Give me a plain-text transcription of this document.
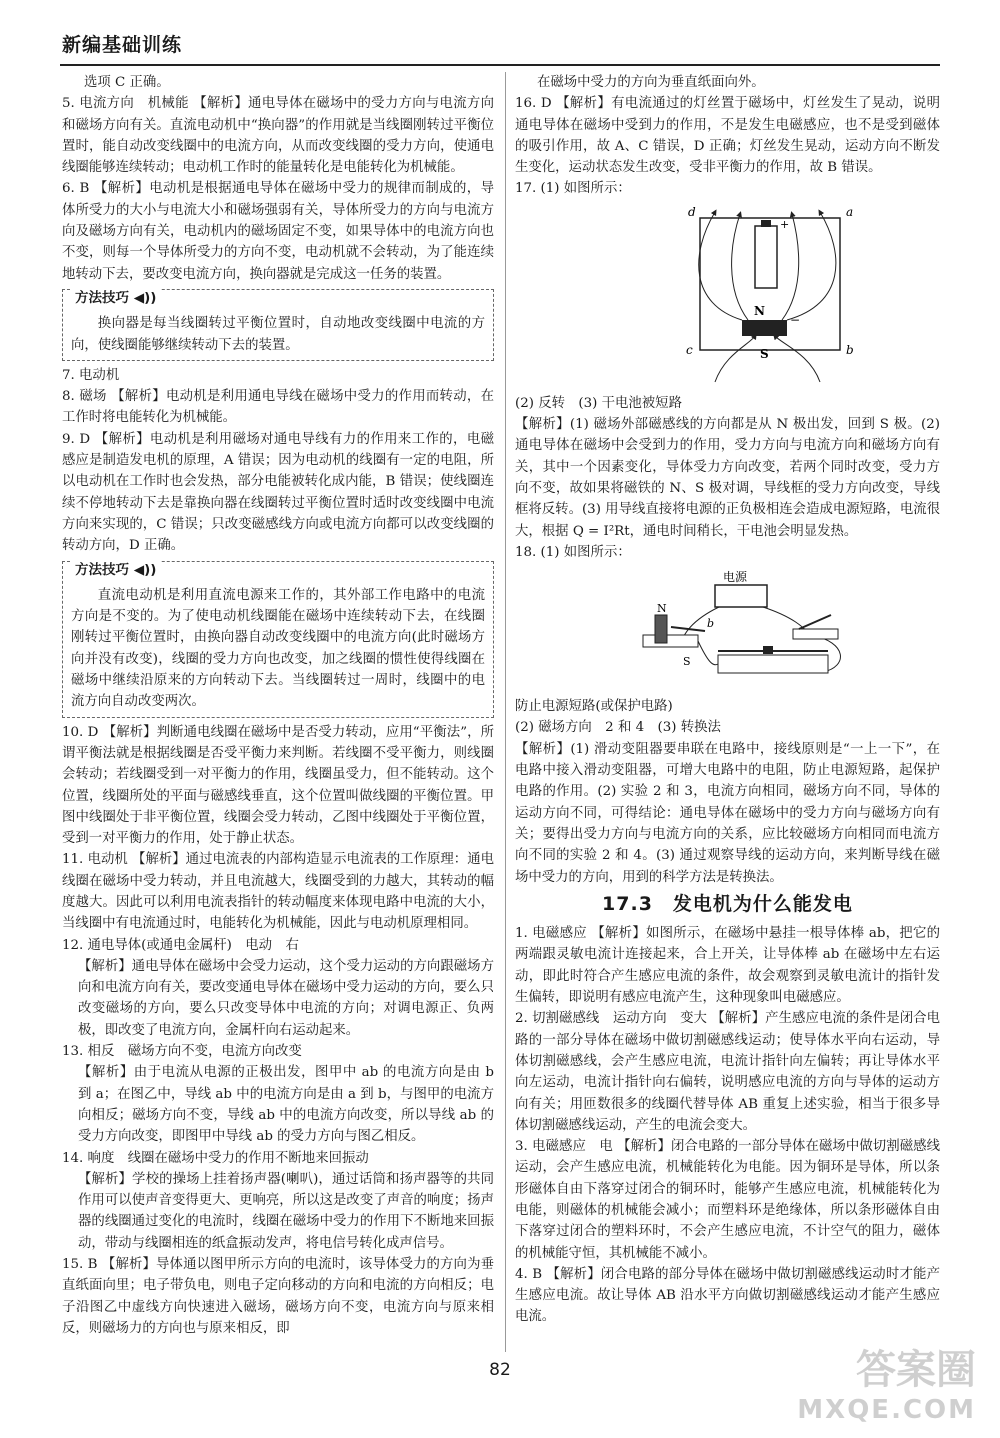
新编基础训练

选项 C 正确。

5. 电流方向　机械能 【解析】通电导体在磁场中的受力方向与电流方向和磁场方向有关。直流电动机中“换向器”的作用就是当线圈刚转过平衡位置时，能自动改变线圈中的电流方向，从而改变线圈的受力方向，使通电线圈能够连续转动；电动机工作时的能量转化是电能转化为机械能。

6. B 【解析】电动机是根据通电导体在磁场中受力的规律而制成的，导体所受力的大小与电流大小和磁场强弱有关，导体所受力的方向与电流方向及磁场方向有关，电动机内的磁场固定不变，如果导体中的电流方向也不变，则每一个导体所受力的方向不变，电动机就不会转动，为了能连续地转动下去，要改变电流方向，换向器就是完成这一任务的装置。

方法技巧 ◀))

换向器是每当线圈转过平衡位置时，自动地改变线圈中电流的方向，使线圈能够继续转动下去的装置。

7. 电动机

8. 磁场 【解析】电动机是利用通电导线在磁场中受力的作用而转动，在工作时将电能转化为机械能。

9. D 【解析】电动机是利用磁场对通电导线有力的作用来工作的，电磁感应是制造发电机的原理，A 错误；因为电动机的线圈有一定的电阻，所以电动机在工作时也会发热，部分电能被转化成内能，B 错误；使线圈连续不停地转动下去是靠换向器在线圈转过平衡位置时适时改变线圈中电流方向来实现的，C 错误；只改变磁感线方向或电流方向都可以改变线圈的转动方向，D 正确。

方法技巧 ◀))

直流电动机是利用直流电源来工作的，其外部工作电路中的电流方向是不变的。为了使电动机线圈能在磁场中连续转动下去，在线圈刚转过平衡位置时，由换向器自动改变线圈中的电流方向(此时磁场方向并没有改变)，线圈的受力方向也改变，加之线圈的惯性使得线圈在磁场中继续沿原来的方向转动下去。当线圈转过一周时，线圈中的电流方向自动改变两次。

10. D 【解析】判断通电线圈在磁场中是否受力转动，应用“平衡法”，所谓平衡法就是根据线圈是否受平衡力来判断。若线圈不受平衡力，则线圈会转动；若线圈受到一对平衡力的作用，线圈虽受力，但不能转动。这个位置，线圈所处的平面与磁感线垂直，这个位置叫做线圈的平衡位置。甲图中线圈处于非平衡位置，线圈会受力转动，乙图中线圈处于平衡位置，受到一对平衡力的作用，处于静止状态。

11. 电动机 【解析】通过电流表的内部构造显示电流表的工作原理：通电线圈在磁场中受力转动，并且电流越大，线圈受到的力越大，其转动的幅度越大。因此可以利用电流表指针的转动幅度来体现电路中电流的大小，当线圈中有电流通过时，电能转化为机械能，因此与电动机原理相同。

12. 通电导体(或通电金属杆)　电动　右

【解析】通电导体在磁场中会受力运动，这个受力运动的方向跟磁场方向和电流方向有关，要改变通电导体在磁场中受力运动的方向，要么只改变磁场的方向，要么只改变导体中电流的方向；对调电源正、负两极，即改变了电流方向，金属杆向右运动起来。

13. 相反　磁场方向不变，电流方向改变

【解析】由于电流从电源的正极出发，图甲中 ab 的电流方向是由 b 到 a；在图乙中，导线 ab 中的电流方向是由 a 到 b，与图甲的电流方向相反；磁场方向不变，导线 ab 中的电流方向改变，所以导线 ab 的受力方向改变，即图甲中导线 ab 的受力方向与图乙相反。

14. 响度　线圈在磁场中受力的作用不断地来回振动

【解析】学校的操场上挂着扬声器(喇叭)，通过话筒和扬声器等的共同作用可以使声音变得更大、更响亮，所以这是改变了声音的响度；扬声器的线圈通过变化的电流时，线圈在磁场中受力的作用下不断地来回振动，带动与线圈相连的纸盒振动发声，将电信号转化成声信号。

15. B 【解析】导体通以图甲所示方向的电流时，该导体受力的方向为垂直纸面向里；电子带负电，则电子定向移动的方向和电流的方向相反；电子沿图乙中虚线方向快速进入磁场，磁场方向不变，电流方向与原来相反，则磁场力的方向也与原来相反，即

在磁场中受力的方向为垂直纸面向外。

16. D 【解析】有电流通过的灯丝置于磁场中，灯丝发生了晃动，说明通电导体在磁场中受到力的作用，不是发生电磁感应，也不是受到磁体的吸引作用，故 A、C 错误，D 正确；灯丝发生晃动，运动方向不断发生变化，运动状态发生改变，受非平衡力的作用，故 B 错误。

17. (1) 如图所示：

+
N
S
−
d	a
c	b

(2) 反转　(3) 干电池被短路

【解析】(1) 磁场外部磁感线的方向都是从 N 极出发，回到 S 极。(2) 通电导体在磁场中会受到力的作用，受力方向与电流方向和磁场方向有关，其中一个因素变化，导体受力方向改变，若两个同时改变，受力方向不变，故如果将磁铁的 N、S 极对调，导线框的受力方向改变，导线框将反转。(3) 用导线直接将电源的正负极相连会造成电源短路，电流很大，根据 Q = I²Rt，通电时间稍长，干电池会明显发热。

18. (1) 如图所示：

电源
N
S
b

防止电源短路(或保护电路)

(2) 磁场方向　2 和 4　(3) 转换法

【解析】(1) 滑动变阻器要串联在电路中，接线原则是“一上一下”，在电路中接入滑动变阻器，可增大电路中的电阻，防止电源短路，起保护电路的作用。(2) 实验 2 和 3，电流方向相同，磁场方向不同，导体的运动方向不同，可得结论：通电导体在磁场中的受力方向与磁场方向有关；要得出受力方向与电流方向的关系，应比较磁场方向相同而电流方向不同的实验 2 和 4。(3) 通过观察导线的运动方向，来判断导线在磁场中受力的方向，用到的科学方法是转换法。

17.3　发电机为什么能发电

1. 电磁感应 【解析】如图所示，在磁场中悬挂一根导体棒 ab，把它的两端跟灵敏电流计连接起来，合上开关，让导体棒 ab 在磁场中左右运动，即此时符合产生感应电流的条件，故会观察到灵敏电流计的指针发生偏转，即说明有感应电流产生，这种现象叫电磁感应。

2. 切割磁感线　运动方向　变大 【解析】产生感应电流的条件是闭合电路的一部分导体在磁场中做切割磁感线运动；使导体水平向右运动，导体切割磁感线，会产生感应电流，电流计指针向左偏转；再让导体水平向左运动，电流计指针向右偏转，说明感应电流的方向与导体的运动方向有关；用匝数很多的线圈代替导体 AB 重复上述实验，相当于很多导体切割磁感线运动，产生的电流会变大。

3. 电磁感应　电 【解析】闭合电路的一部分导体在磁场中做切割磁感线运动，会产生感应电流，机械能转化为电能。因为铜环是导体，所以条形磁体自由下落穿过闭合的铜环时，能够产生感应电流，机械能转化为电能，则磁体的机械能会减小；而塑料环是绝缘体，所以条形磁体自由下落穿过闭合的塑料环时，不会产生感应电流，不计空气的阻力，磁体的机械能守恒，其机械能不减小。

4. B 【解析】闭合电路的部分导体在磁场中做切割磁感线运动时才能产生感应电流。故让导体 AB 沿水平方向做切割磁感线运动才能产生感应电流。

82	答案圈
MXQE.COM
